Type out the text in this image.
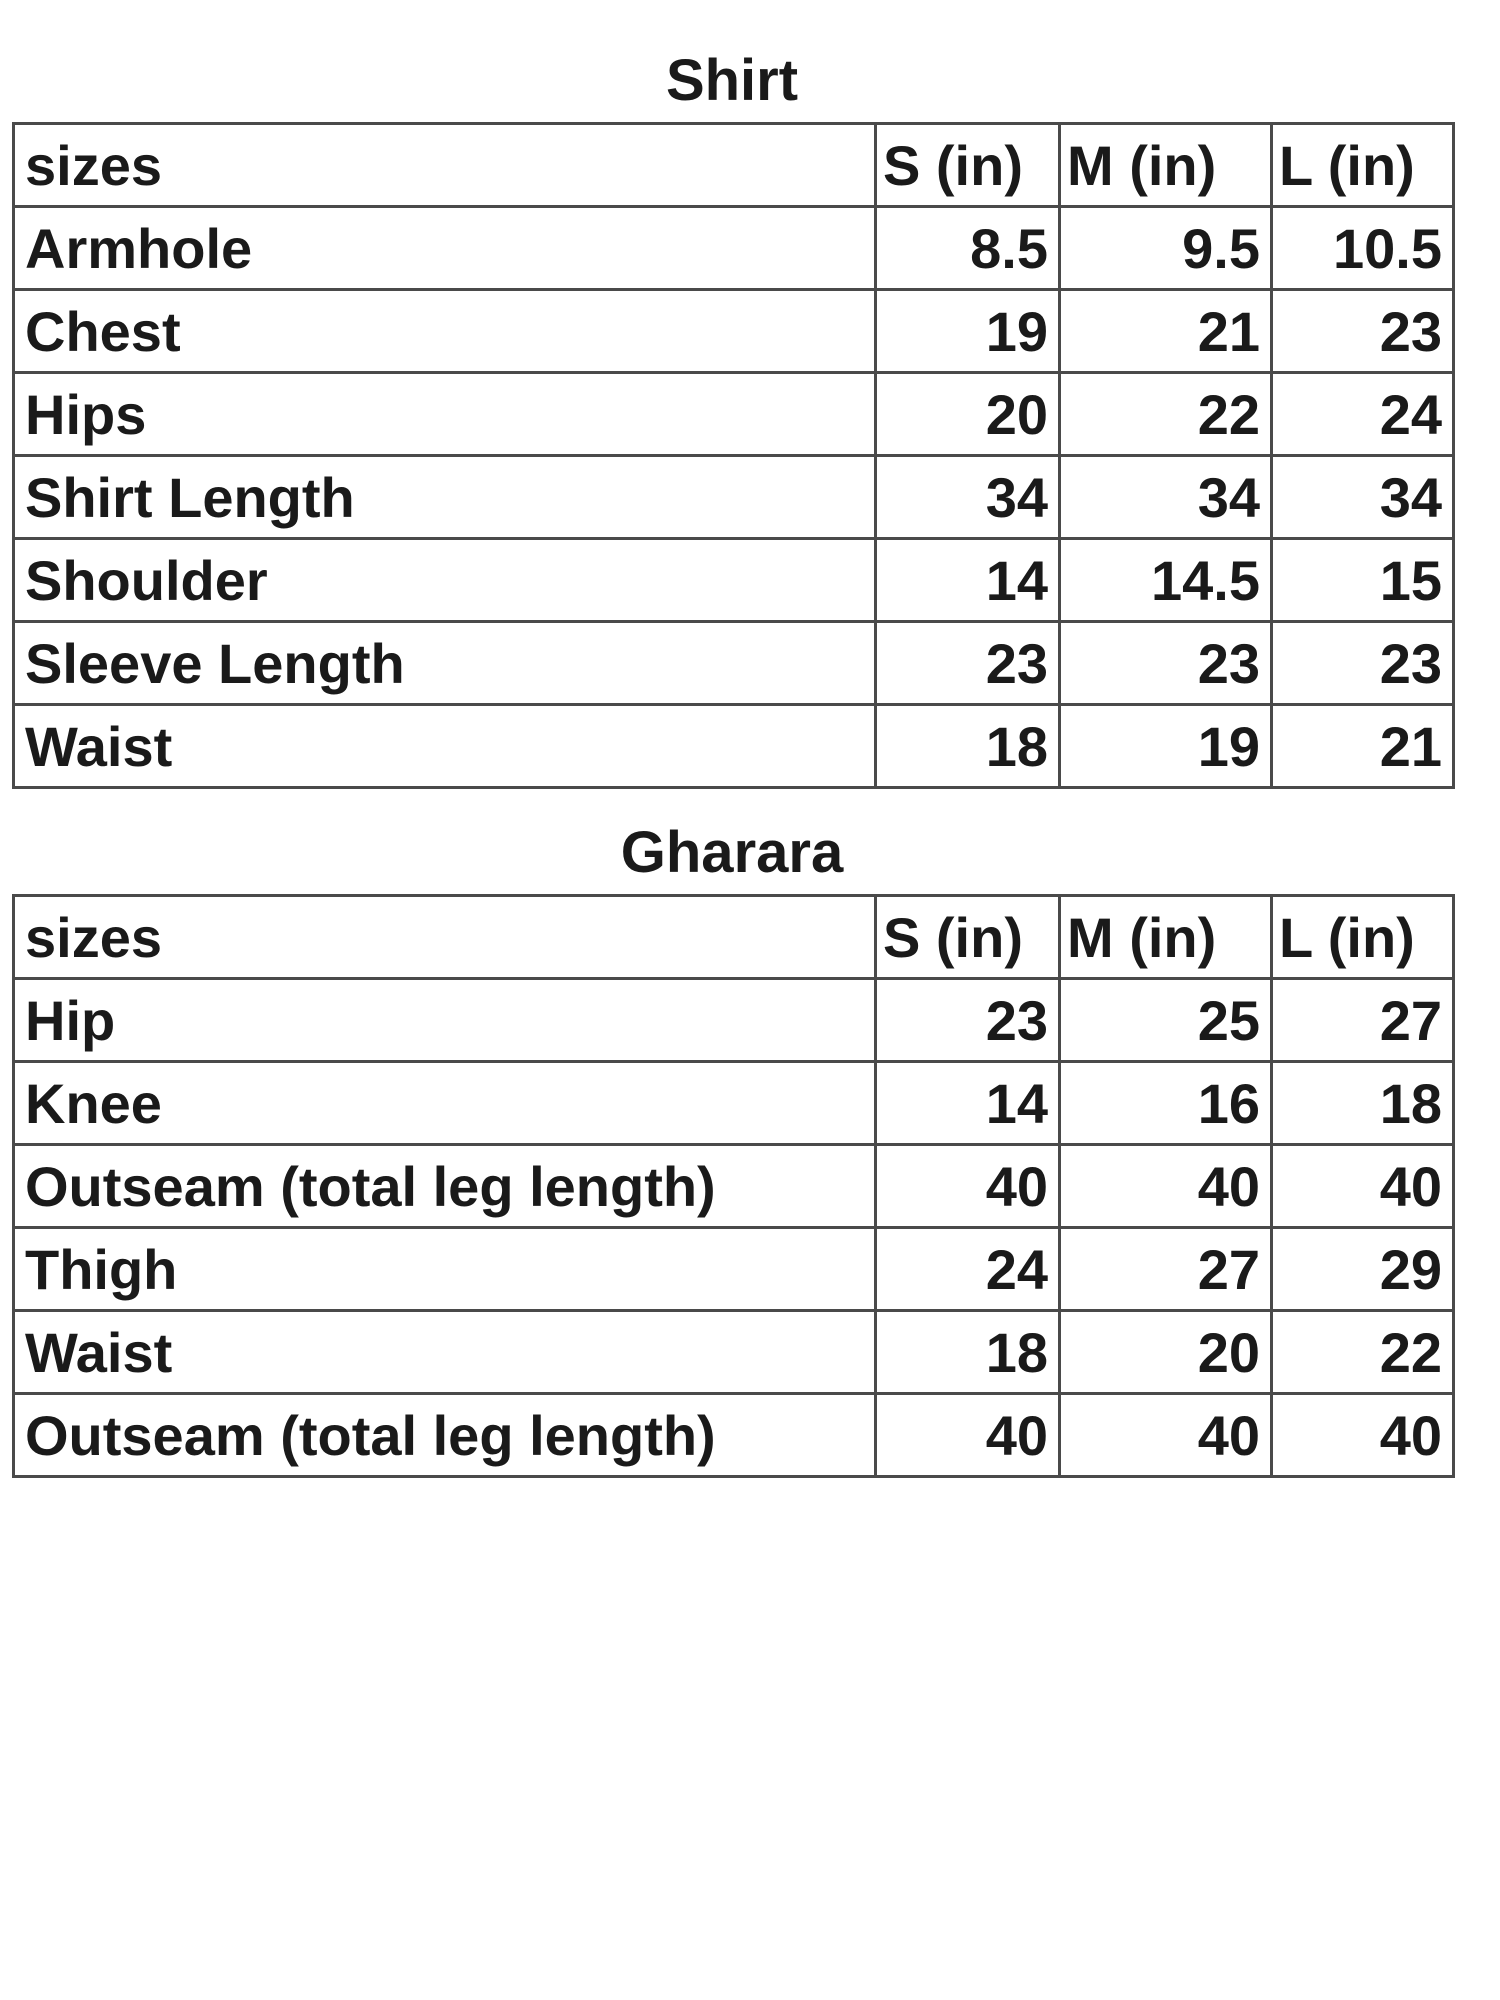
Shirt
sizes	S (in)	M (in)	L (in)
Armhole	8.5	9.5	10.5
Chest	19	21	23
Hips	20	22	24
Shirt Length	34	34	34
Shoulder	14	14.5	15
Sleeve Length	23	23	23
Waist	18	19	21
Gharara
sizes	S (in)	M (in)	L (in)
Hip	23	25	27
Knee	14	16	18
Outseam (total leg length)	40	40	40
Thigh	24	27	29
Waist	18	20	22
Outseam (total leg length)	40	40	40
